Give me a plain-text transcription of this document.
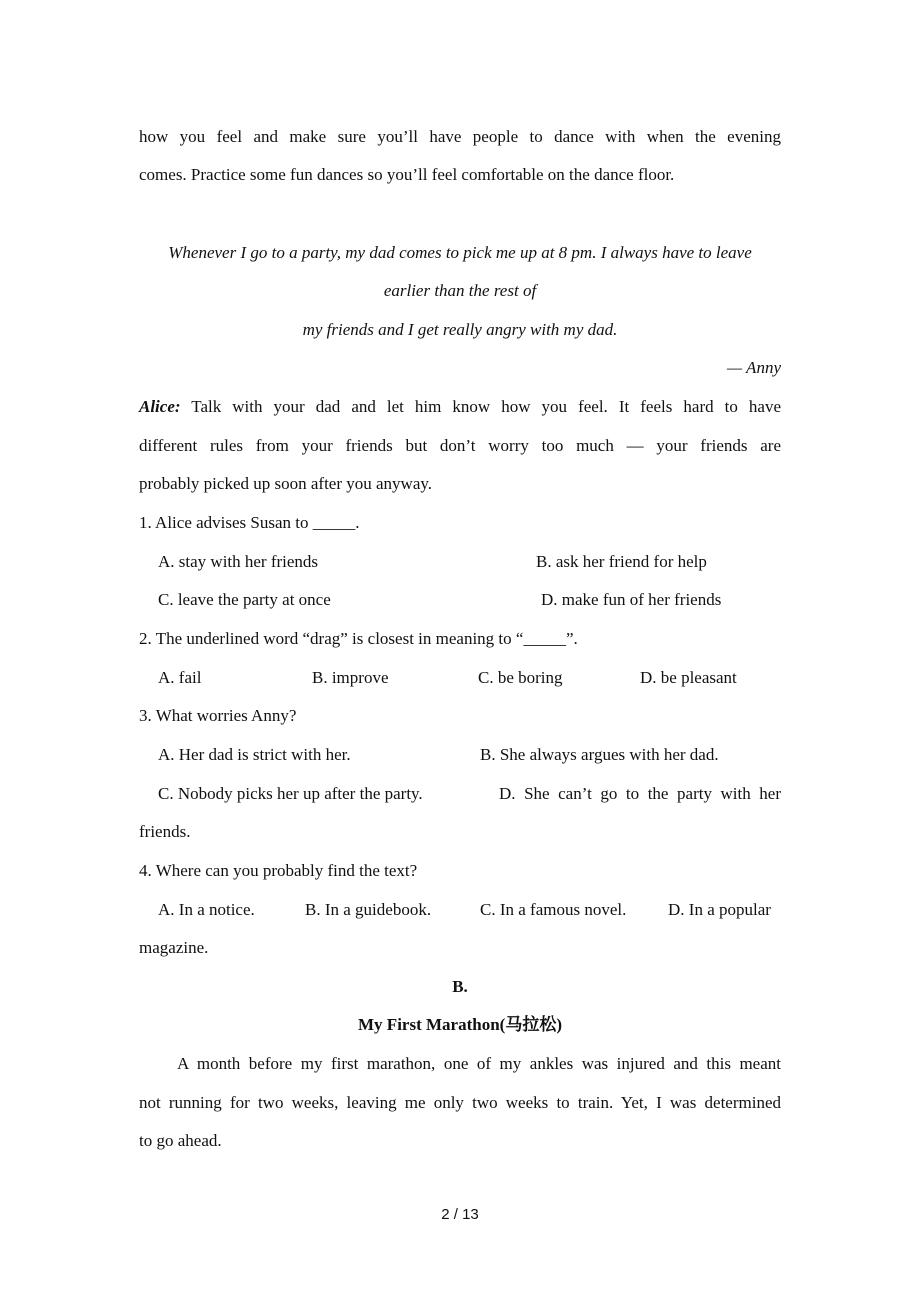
how you feel and make sure you’ll have people to dance with when the evening
comes. Practice some fun dances so you’ll feel comfortable on the dance floor.
Whenever I go to a party, my dad comes to pick me up at 8 pm. I always have to leave
earlier than the rest of
my friends and I get really angry with my dad.
— Anny
Alice: Talk with your dad and let him know how you feel. It feels hard to have
different rules from your friends but don’t worry too much — your friends are
probably picked up soon after you anyway.
1. Alice advises Susan to _____.
A. stay with her friends	B. ask her friend for help
C. leave the party at once	D. make fun of her friends
2. The underlined word “drag” is closest in meaning to “_____”.
A. fail	B. improve	C. be boring	D. be pleasant
3. What worries Anny?
A. Her dad is strict with her.	B. She always argues with her dad.
C. Nobody picks her up after the party.	D. She can’t go to the party with her
friends.
4. Where can you probably find the text?
A. In a notice.	B. In a guidebook.	C. In a famous novel. D. In a popular
magazine.
B.
My First Marathon(马拉松)
A month before my first marathon, one of my ankles was injured and this meant
not running for two weeks, leaving me only two weeks to train. Yet, I was determined
to go ahead.
2 / 13
